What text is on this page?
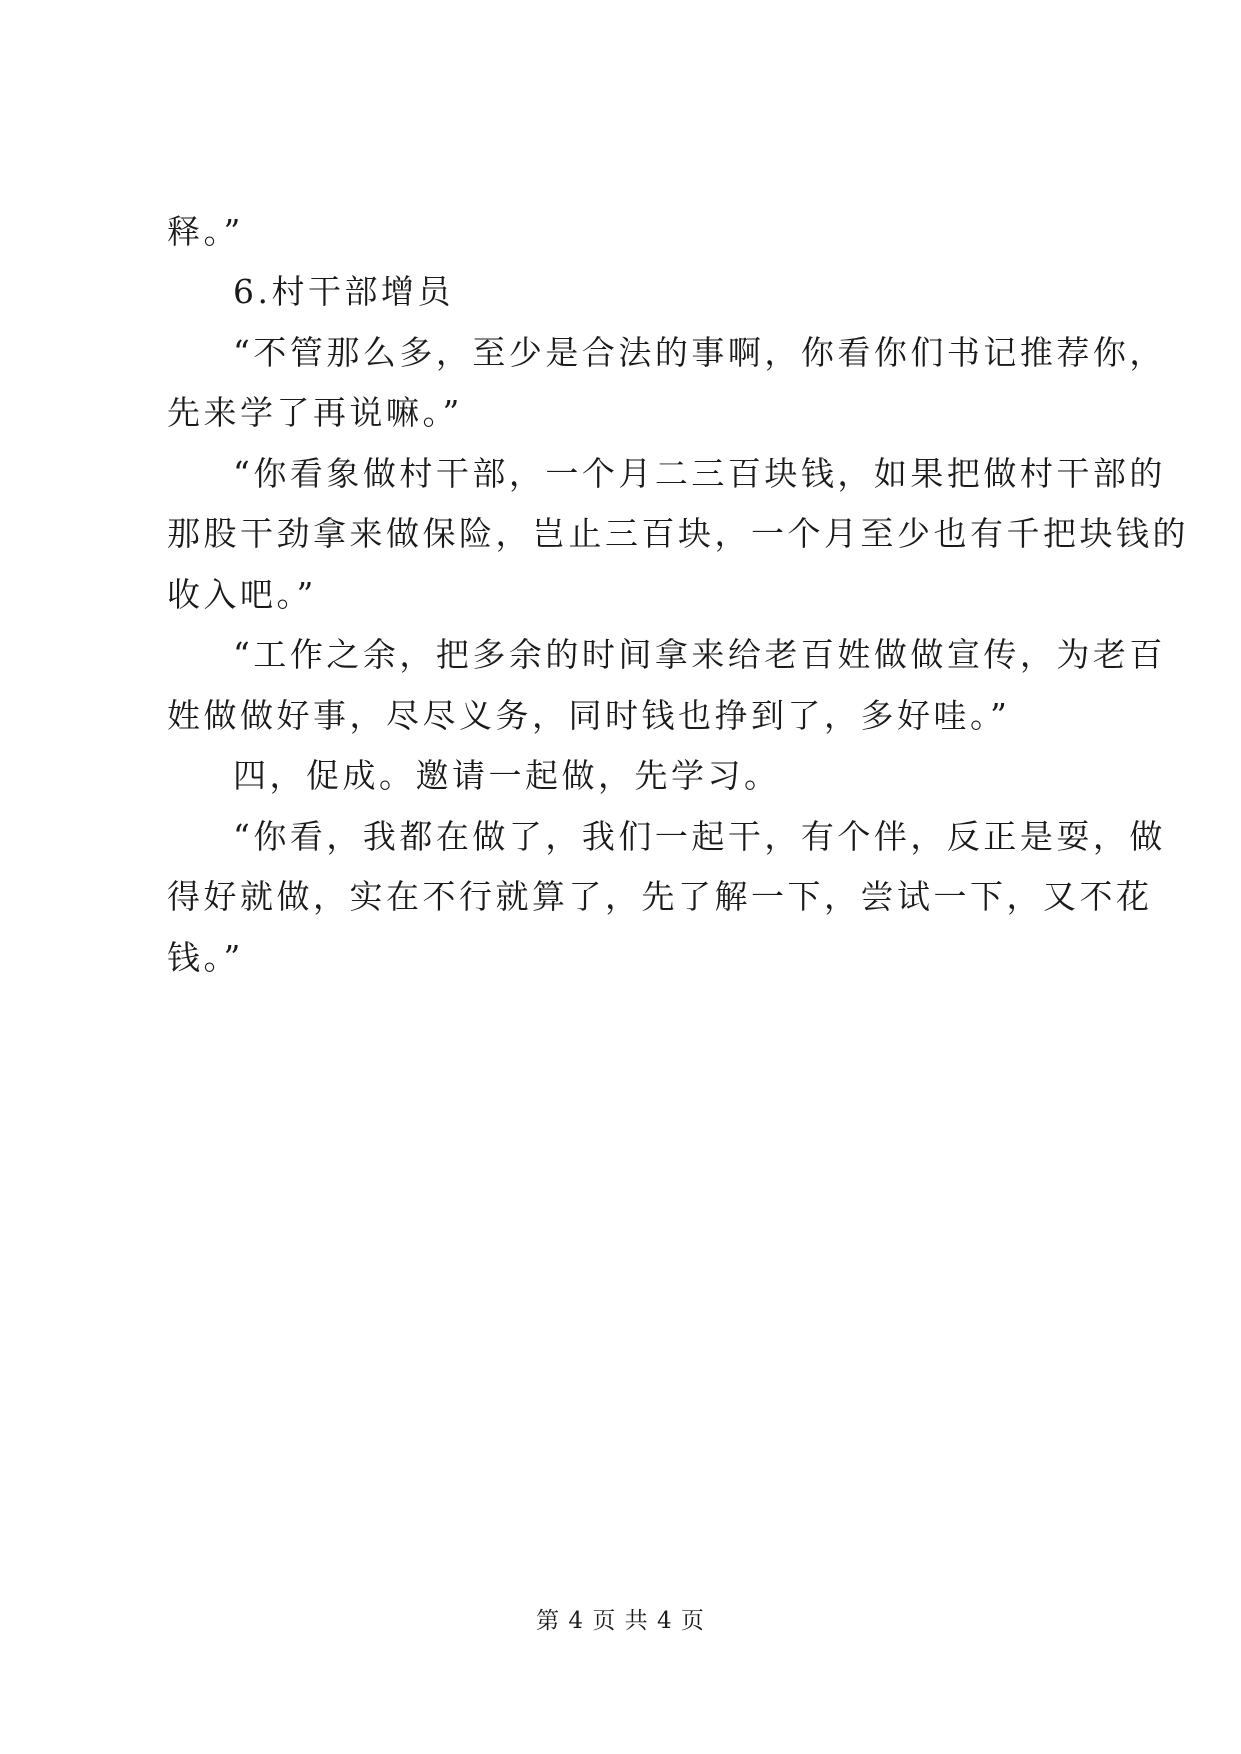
释。”
6.村干部增员
“不管那么多，至少是合法的事啊，你看你们书记推荐你，
先来学了再说嘛。”
“你看象做村干部，一个月二三百块钱，如果把做村干部的
那股干劲拿来做保险，岂止三百块，一个月至少也有千把块钱的
收入吧。”
“工作之余，把多余的时间拿来给老百姓做做宣传，为老百
姓做做好事，尽尽义务，同时钱也挣到了，多好哇。”
四，促成。邀请一起做，先学习。
“你看，我都在做了，我们一起干，有个伴，反正是耍，做
得好就做，实在不行就算了，先了解一下，尝试一下，又不花
钱。”
第 4 页 共 4 页
